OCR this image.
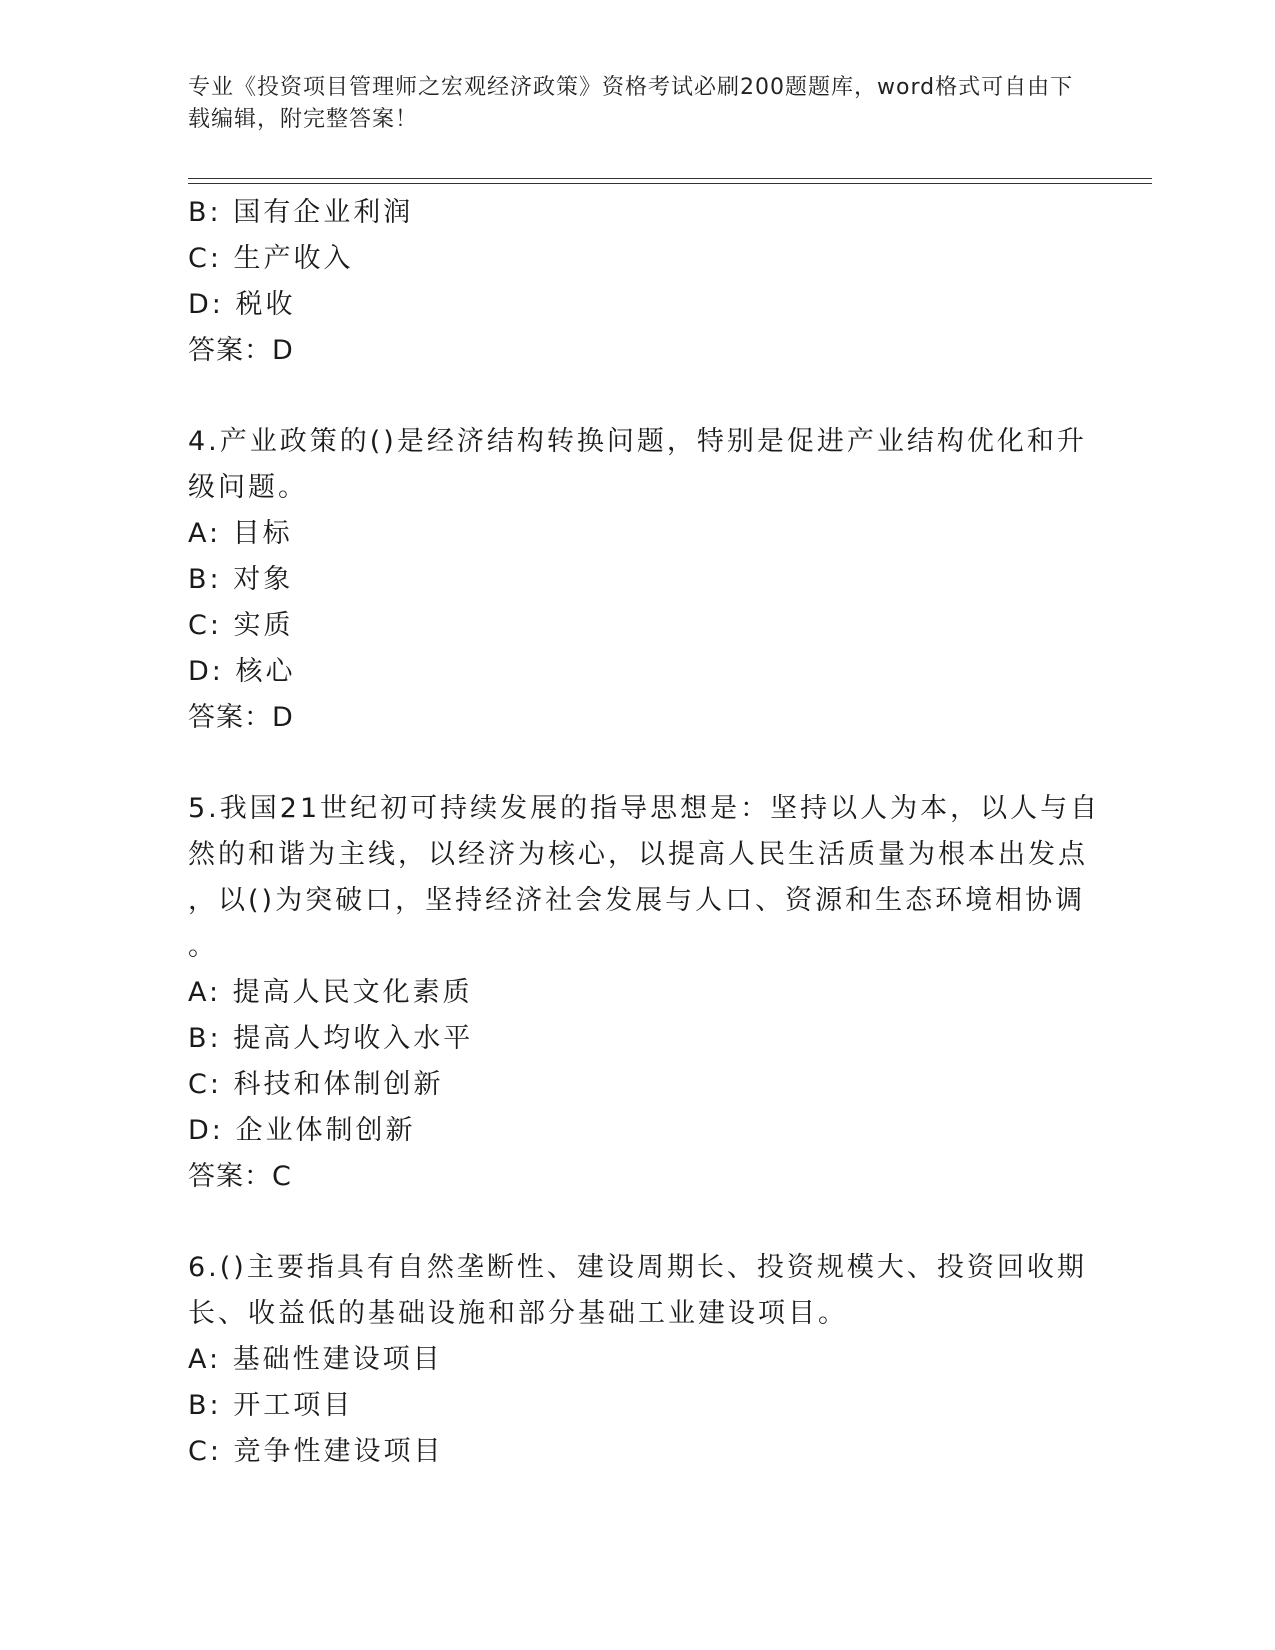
专业《投资项目管理师之宏观经济政策》资格考试必刷200题题库，word格式可自由下载编辑，附完整答案！
B: 国有企业利润
C: 生产收入
D: 税收
答案：D
4.产业政策的()是经济结构转换问题，特别是促进产业结构优化和升
级问题。
A: 目标
B: 对象
C: 实质
D: 核心
答案：D
5.我国21世纪初可持续发展的指导思想是：坚持以人为本，以人与自
然的和谐为主线，以经济为核心，以提高人民生活质量为根本出发点
，以()为突破口，坚持经济社会发展与人口、资源和生态环境相协调
。
A: 提高人民文化素质
B: 提高人均收入水平
C: 科技和体制创新
D: 企业体制创新
答案：C
6.()主要指具有自然垄断性、建设周期长、投资规模大、投资回收期
长、收益低的基础设施和部分基础工业建设项目。
A: 基础性建设项目
B: 开工项目
C: 竞争性建设项目
